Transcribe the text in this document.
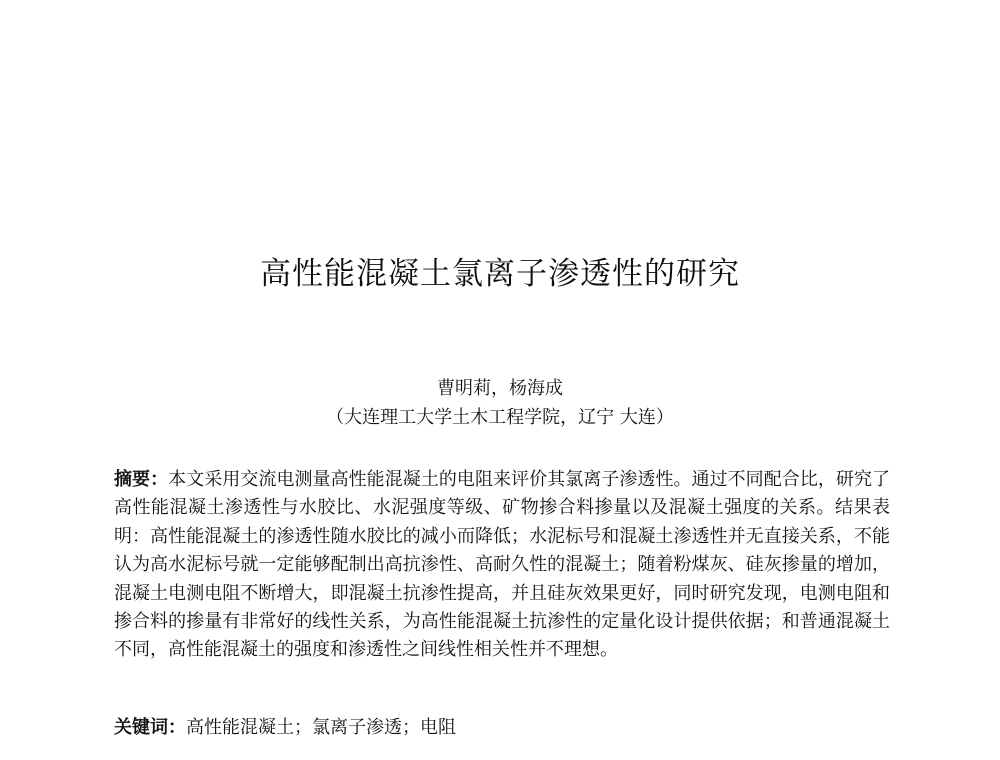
高性能混凝土氯离子渗透性的研究
曹明莉，杨海成
（大连理工大学土木工程学院，辽宁 大连）
摘要：本文采用交流电测量高性能混凝土的电阻来评价其氯离子渗透性。通过不同配合比，研究了高性能混凝土渗透性与水胶比、水泥强度等级、矿物掺合料掺量以及混凝土强度的关系。结果表明：高性能混凝土的渗透性随水胶比的减小而降低；水泥标号和混凝土渗透性并无直接关系，不能认为高水泥标号就一定能够配制出高抗渗性、高耐久性的混凝土；随着粉煤灰、硅灰掺量的增加，混凝土电测电阻不断增大，即混凝土抗渗性提高，并且硅灰效果更好，同时研究发现，电测电阻和掺合料的掺量有非常好的线性关系，为高性能混凝土抗渗性的定量化设计提供依据；和普通混凝土不同，高性能混凝土的强度和渗透性之间线性相关性并不理想。
关键词：高性能混凝土；氯离子渗透；电阻
